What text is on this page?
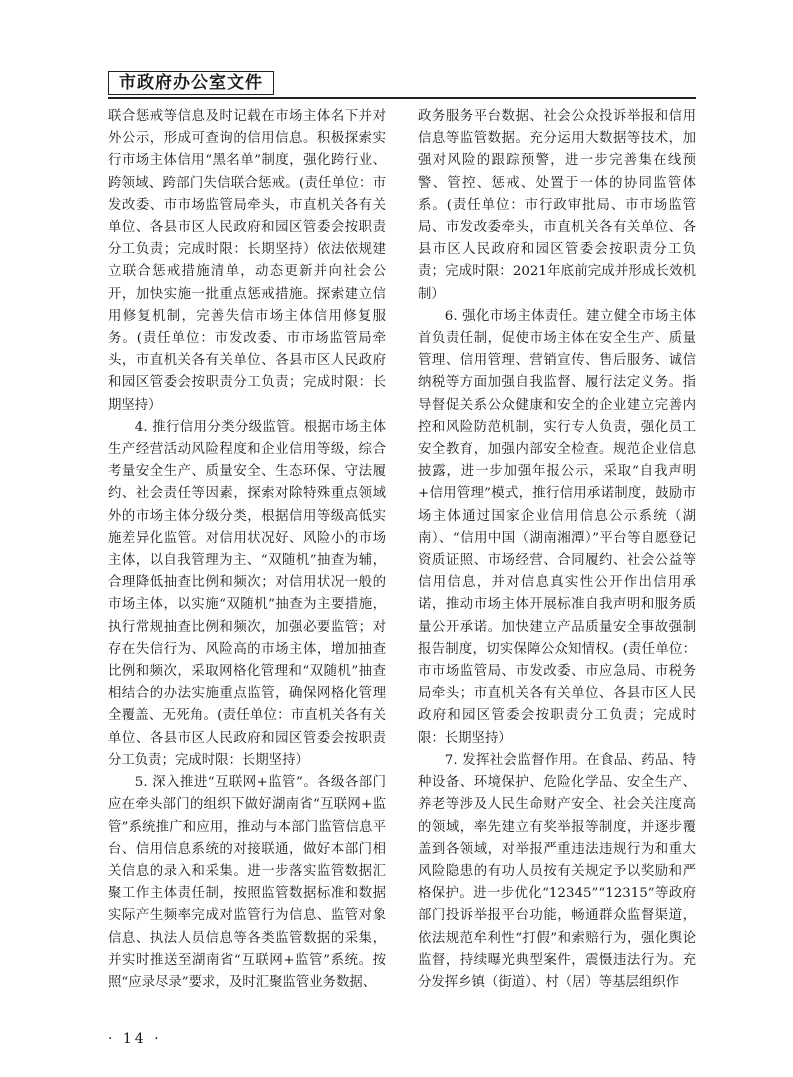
市政府办公室文件

联合惩戒等信息及时记载在市场主体名下并对外公示，形成可查询的信用信息。积极探索实行市场主体信用“黑名单”制度，强化跨行业、跨领域、跨部门失信联合惩戒。(责任单位：市发改委、市市场监管局牵头，市直机关各有关单位、各县市区人民政府和园区管委会按职责分工负责；完成时限：长期坚持）依法依规建立联合惩戒措施清单，动态更新并向社会公开，加快实施一批重点惩戒措施。探索建立信用修复机制，完善失信市场主体信用修复服务。(责任单位：市发改委、市市场监管局牵头，市直机关各有关单位、各县市区人民政府和园区管委会按职责分工负责；完成时限：长期坚持）

4. 推行信用分类分级监管。根据市场主体生产经营活动风险程度和企业信用等级，综合考量安全生产、质量安全、生态环保、守法履约、社会责任等因素，探索对除特殊重点领域外的市场主体分级分类，根据信用等级高低实施差异化监管。对信用状况好、风险小的市场主体，以自我管理为主、“双随机”抽查为辅，合理降低抽查比例和频次；对信用状况一般的市场主体，以实施“双随机”抽查为主要措施，执行常规抽查比例和频次，加强必要监管；对存在失信行为、风险高的市场主体，增加抽查比例和频次，采取网格化管理和“双随机”抽查相结合的办法实施重点监管，确保网格化管理全覆盖、无死角。(责任单位：市直机关各有关单位、各县市区人民政府和园区管委会按职责分工负责；完成时限：长期坚持）

5. 深入推进“互联网+监管”。各级各部门应在牵头部门的组织下做好湖南省“互联网+监管”系统推广和应用，推动与本部门监管信息平台、信用信息系统的对接联通，做好本部门相关信息的录入和采集。进一步落实监管数据汇聚工作主体责任制，按照监管数据标准和数据实际产生频率完成对监管行为信息、监管对象信息、执法人员信息等各类监管数据的采集，并实时推送至湖南省“互联网+监管”系统。按照“应录尽录”要求，及时汇聚监管业务数据、

政务服务平台数据、社会公众投诉举报和信用信息等监管数据。充分运用大数据等技术，加强对风险的跟踪预警，进一步完善集在线预警、管控、惩戒、处置于一体的协同监管体系。(责任单位：市行政审批局、市市场监管局、市发改委牵头，市直机关各有关单位、各县市区人民政府和园区管委会按职责分工负责；完成时限：2021年底前完成并形成长效机制）

6. 强化市场主体责任。建立健全市场主体首负责任制，促使市场主体在安全生产、质量管理、信用管理、营销宣传、售后服务、诚信纳税等方面加强自我监督、履行法定义务。指导督促关系公众健康和安全的企业建立完善内控和风险防范机制，实行专人负责，强化员工安全教育，加强内部安全检查。规范企业信息披露，进一步加强年报公示，采取“自我声明+信用管理”模式，推行信用承诺制度，鼓励市场主体通过国家企业信用信息公示系统（湖南）、“信用中国（湖南湘潭）”平台等自愿登记资质证照、市场经营、合同履约、社会公益等信用信息，并对信息真实性公开作出信用承诺，推动市场主体开展标准自我声明和服务质量公开承诺。加快建立产品质量安全事故强制报告制度，切实保障公众知情权。(责任单位：市市场监管局、市发改委、市应急局、市税务局牵头；市直机关各有关单位、各县市区人民政府和园区管委会按职责分工负责；完成时限：长期坚持）

7. 发挥社会监督作用。在食品、药品、特种设备、环境保护、危险化学品、安全生产、养老等涉及人民生命财产安全、社会关注度高的领域，率先建立有奖举报等制度，并逐步覆盖到各领域，对举报严重违法违规行为和重大风险隐患的有功人员按有关规定予以奖励和严格保护。进一步优化“12345”“12315”等政府部门投诉举报平台功能，畅通群众监督渠道，依法规范牟利性“打假”和索赔行为，强化舆论监督，持续曝光典型案件，震慑违法行为。充分发挥乡镇（街道）、村（居）等基层组织作

· 14 ·
